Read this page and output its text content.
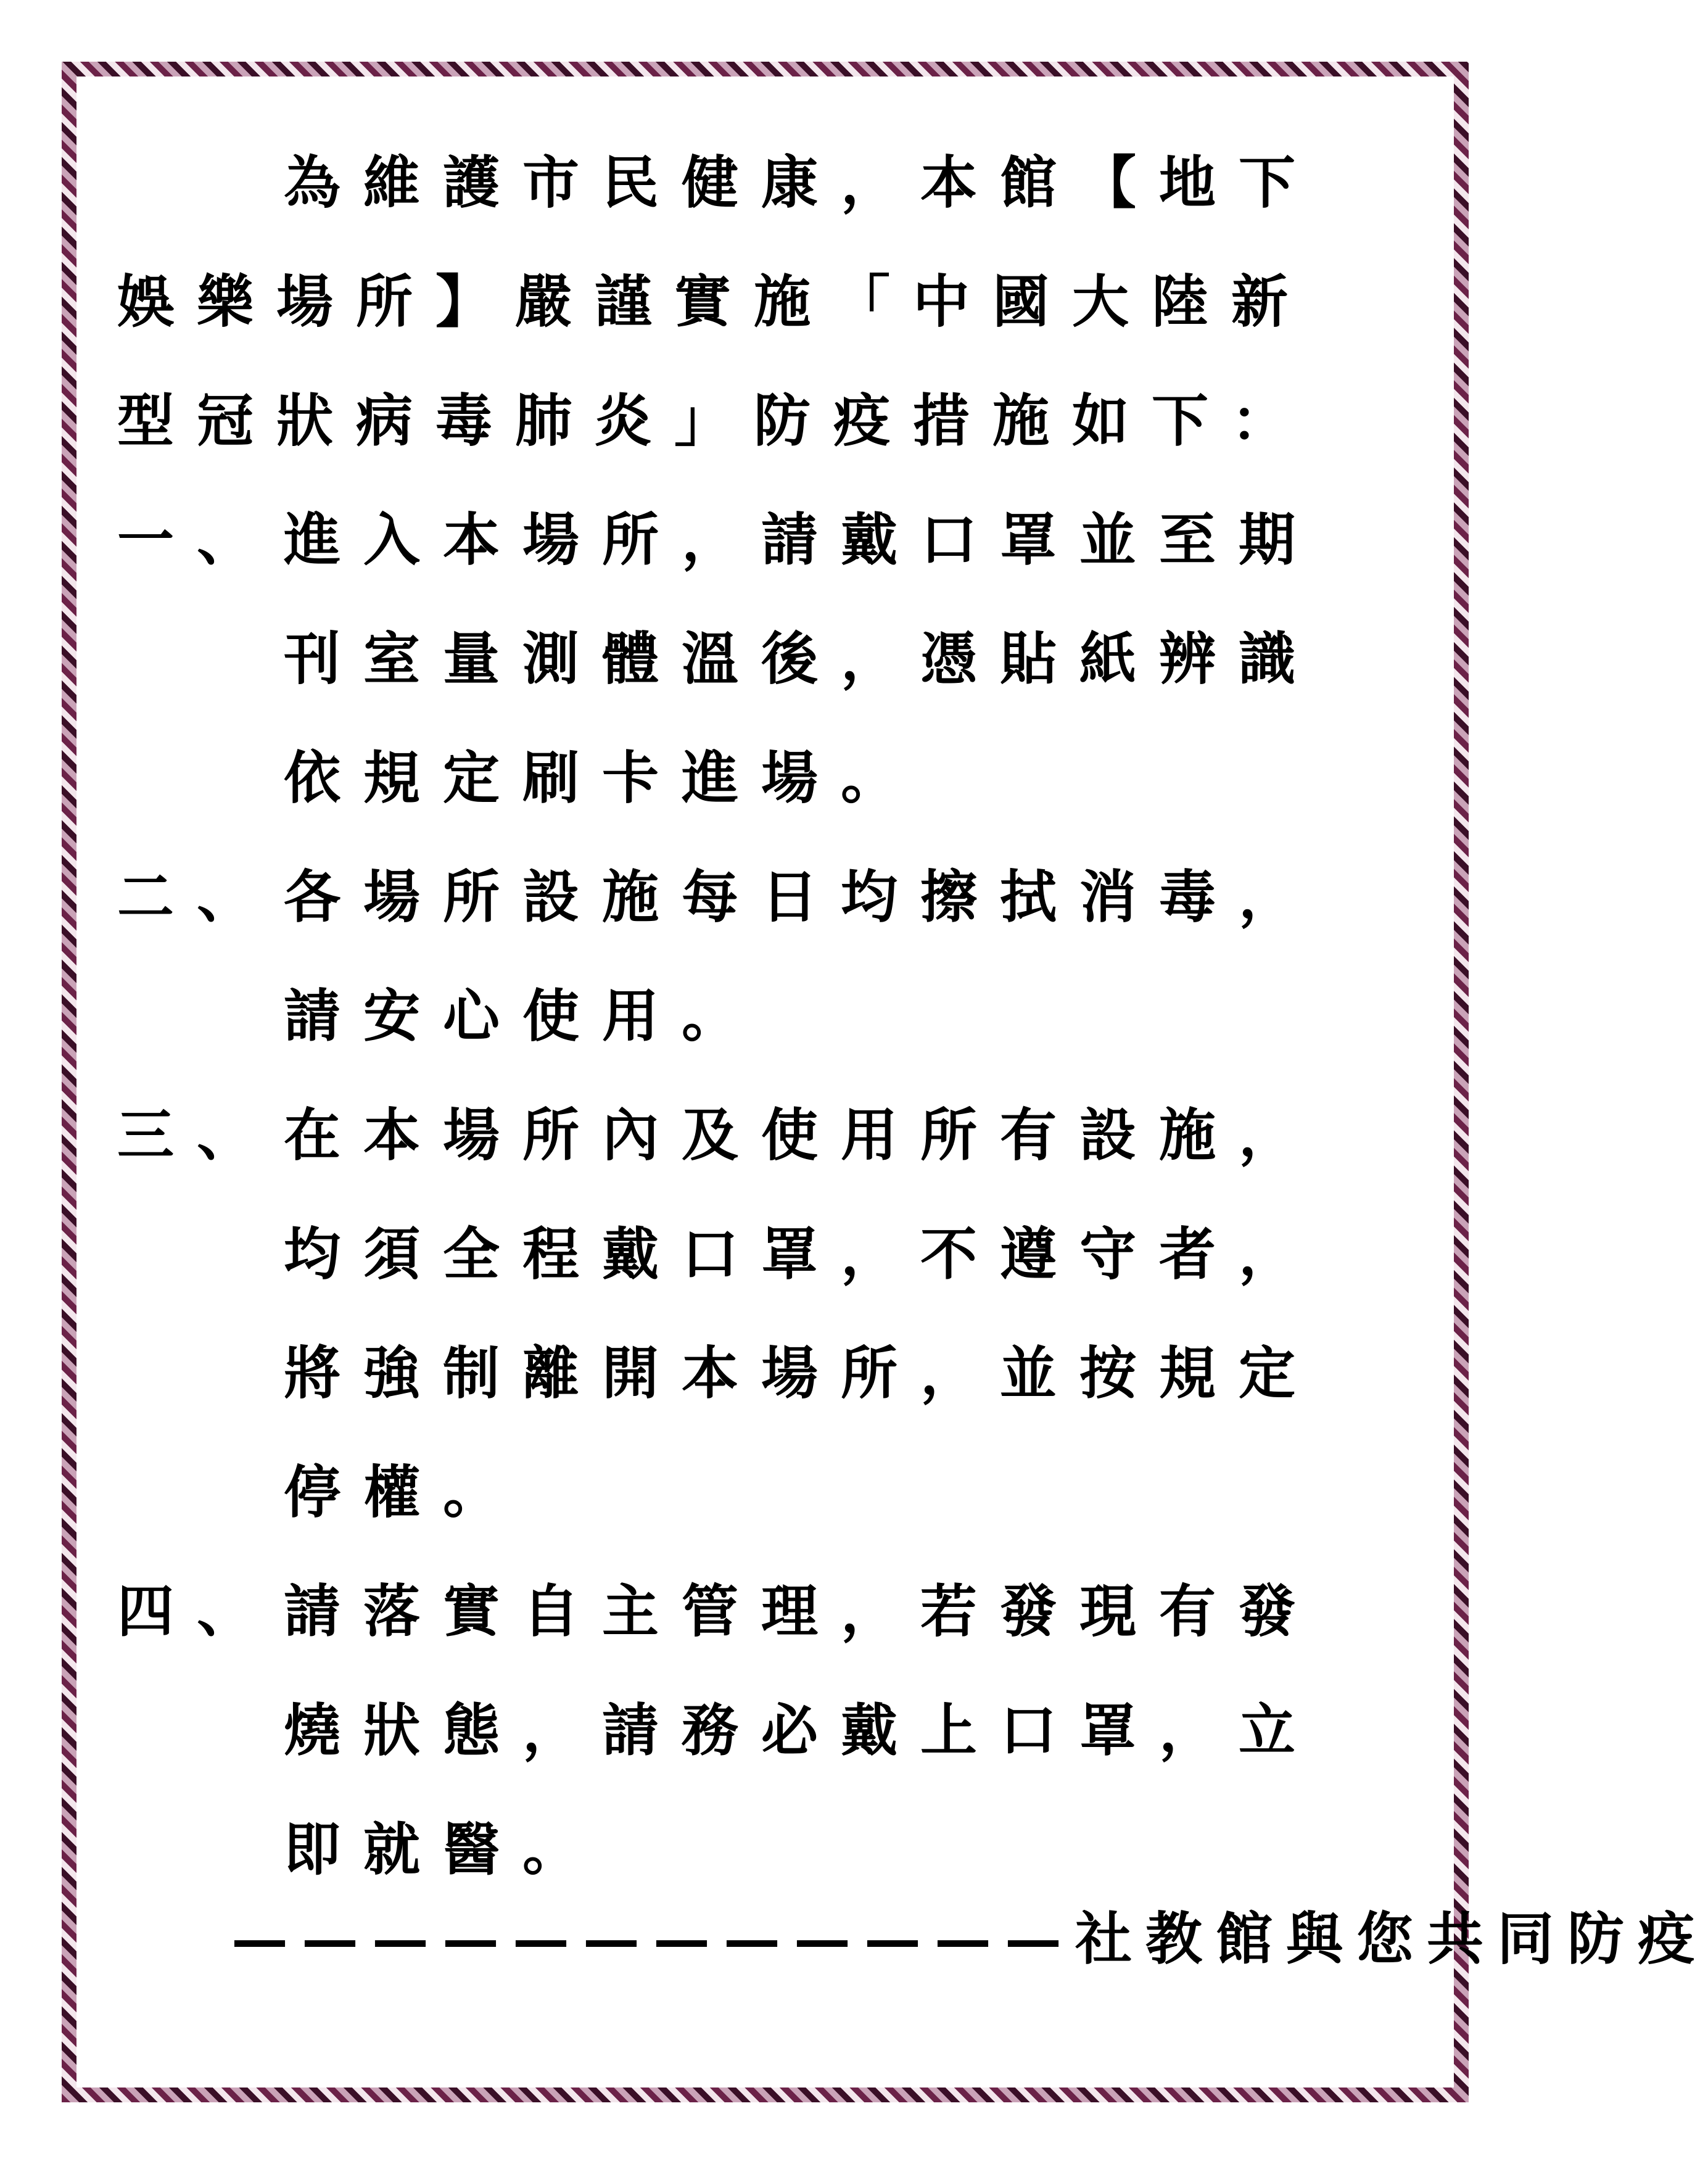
為維護市民健康，本館【地下
娛樂場所】嚴謹實施「中國大陸新
型冠狀病毒肺炎」防疫措施如下：
一、 進入本場所，請戴口罩並至期
刊室量測體溫後，憑貼紙辨識
依規定刷卡進場。
二、 各場所設施每日均擦拭消毒，
請安心使用。
三、 在本場所內及使用所有設施，
均須全程戴口罩，不遵守者，
將強制離開本場所，並按規定
停權。
四、 請落實自主管理，若發現有發
燒狀態，請務必戴上口罩，立
即就醫。
————————————社教館與您共同防疫
